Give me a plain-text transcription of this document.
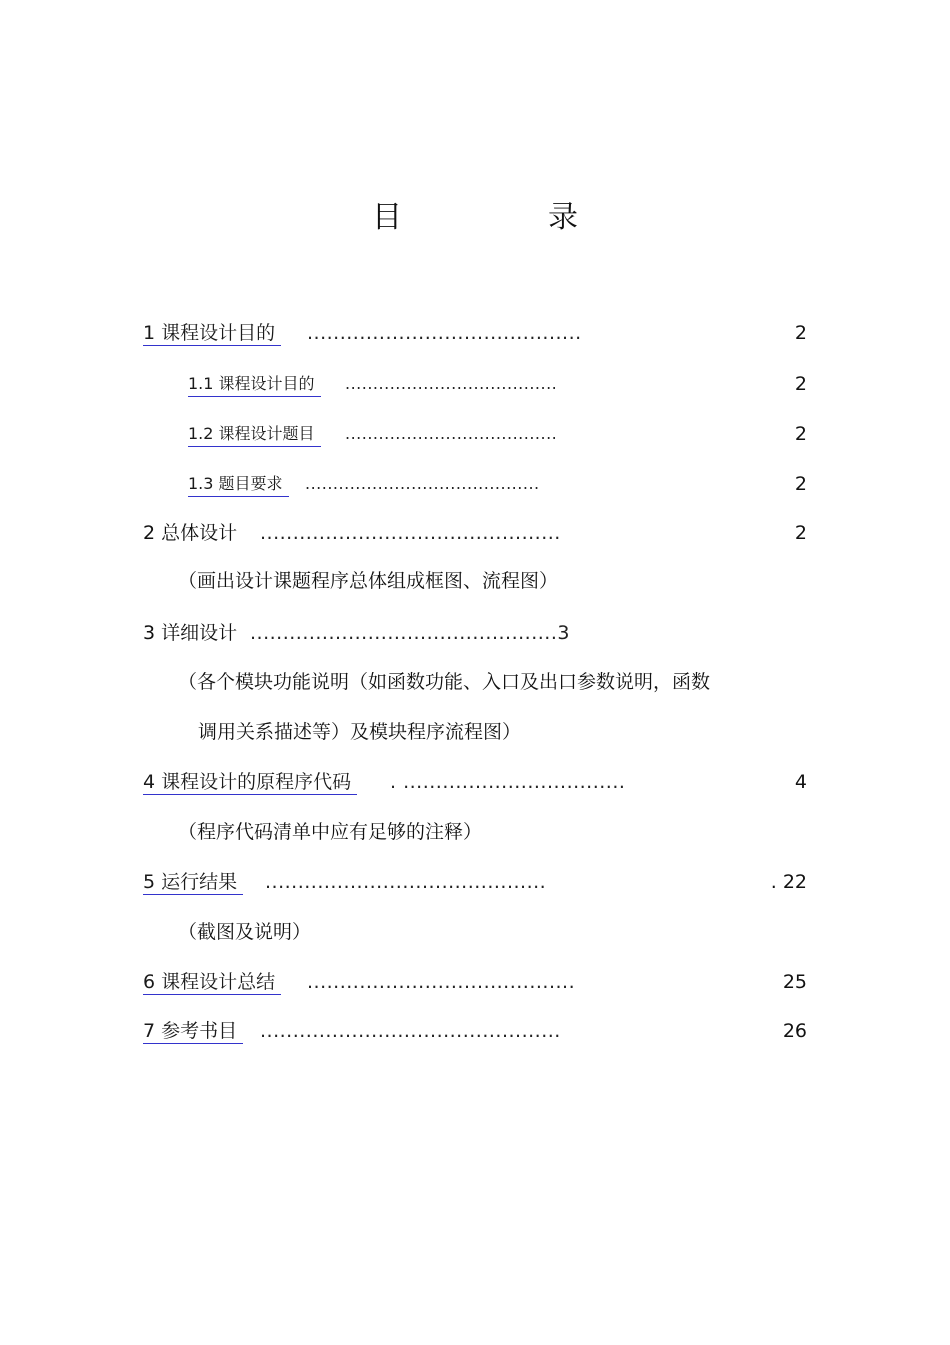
目　录
1 课程设计目的	..........................................	2
1.1 课程设计目的	......................................	2
1.2 课程设计题目	......................................	2
1.3 题目要求	..........................................	2
2 总体设计 ..............................................	2
（画出设计课题程序总体组成框图、流程图）
3 详细设计 ...............................................3
（各个模块功能说明（如函数功能、入口及出口参数说明，函数
调用关系描述等）及模块程序流程图）
4 课程设计的原程序代码	. ..................................	4
（程序代码清单中应有足够的注释）
5 运行结果	...........................................	. 22
（截图及说明）
6 课程设计总结	.........................................	25
7 参考书目	..............................................	26
